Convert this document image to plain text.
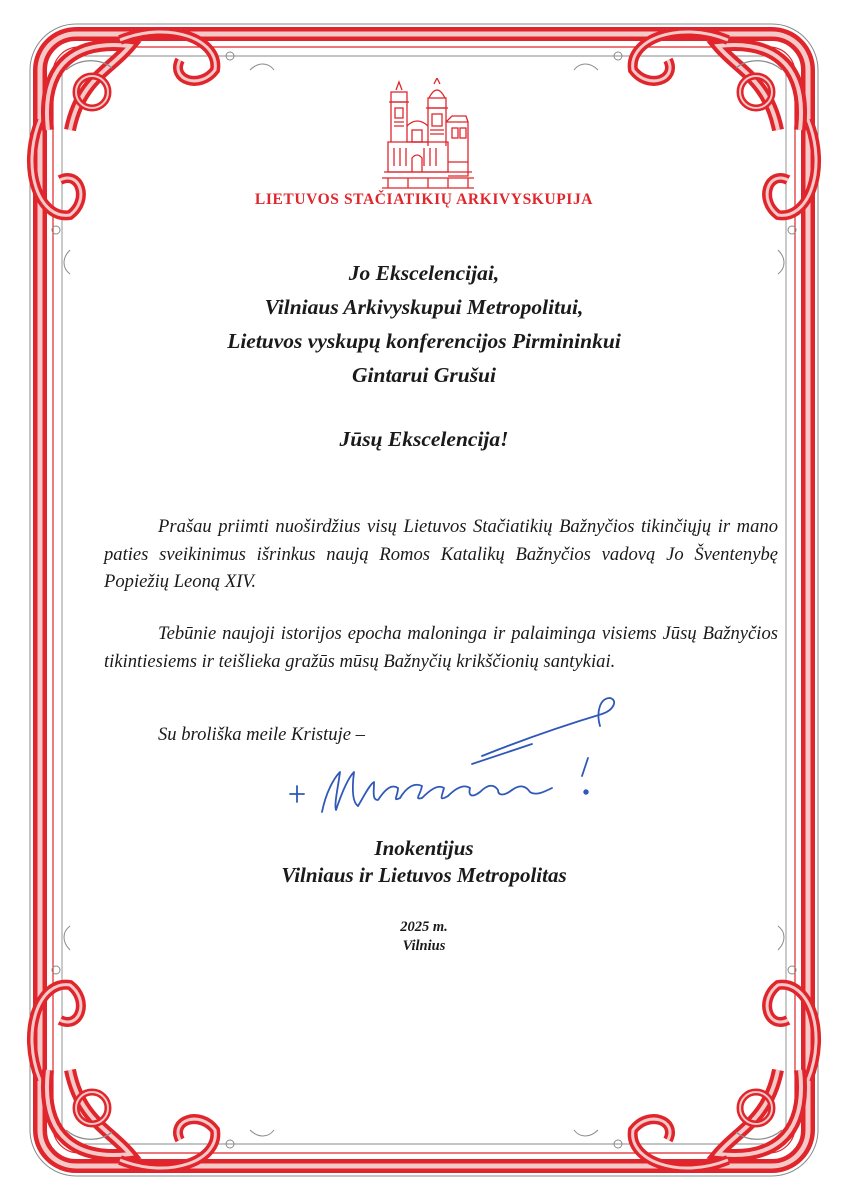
LIETUVOS STAČIATIKIŲ ARKIVYSKUPIJA
Jo Ekscelencijai,
Vilniaus Arkivyskupui Metropolitui,
Lietuvos vyskupų konferencijos Pirmininkui
Gintarui Grušui
Jūsų Ekscelencija!

Prašau priimti nuoširdžius visų Lietuvos Stačiatikių Bažnyčios tikinčiųjų ir mano paties sveikinimus išrinkus naują Romos Katalikų Bažnyčios vadovą Jo Šventenybę Popiežių Leoną XIV.

Tebūnie naujoji istorijos epocha maloninga ir palaiminga visiems Jūsų Bažnyčios tikintiesiems ir teišlieka gražūs mūsų Bažnyčių krikščionių santykiai.

Su broliška meile Kristuje –
Inokentijus
Vilniaus ir Lietuvos Metropolitas
2025 m.
Vilnius
